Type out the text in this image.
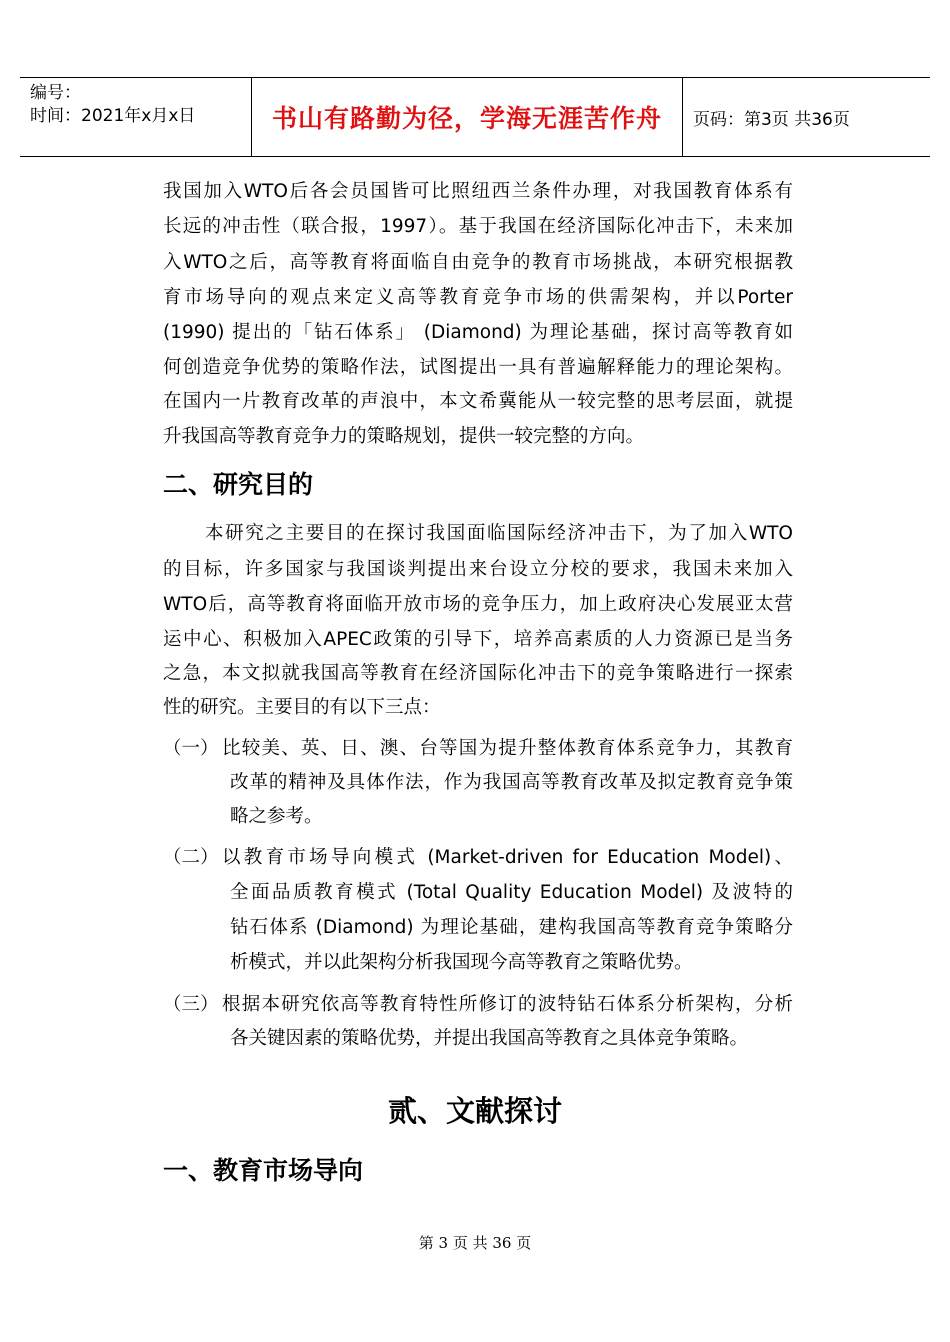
编号：
时间：2021年x月x日	书山有路勤为径，学海无涯苦作舟 页码：第3页 共36页
我国加入WTO后各会员国皆可比照纽西兰条件办理，对我国教育体系有
长远的冲击性（联合报，1997）。基于我国在经济国际化冲击下，未来加
入WTO之后，高等教育将面临自由竞争的教育市场挑战，本研究根据教
育市场导向的观点来定义高等教育竞争市场的供需架构，并以Porter
(1990) 提出的「钻石体系」 (Diamond) 为理论基础，探讨高等教育如
何创造竞争优势的策略作法，试图提出一具有普遍解释能力的理论架构。
在国内一片教育改革的声浪中，本文希冀能从一较完整的思考层面，就提
升我国高等教育竞争力的策略规划，提供一较完整的方向。
二、研究目的
本研究之主要目的在探讨我国面临国际经济冲击下，为了加入WTO
的目标，许多国家与我国谈判提出来台设立分校的要求，我国未来加入
WTO后，高等教育将面临开放市场的竞争压力，加上政府决心发展亚太营
运中心、积极加入APEC政策的引导下，培养高素质的人力资源已是当务
之急，本文拟就我国高等教育在经济国际化冲击下的竞争策略进行一探索
性的研究。主要目的有以下三点：
（一） 比较美、英、日、澳、台等国为提升整体教育体系竞争力，其教育
改革的精神及具体作法，作为我国高等教育改革及拟定教育竞争策
略之参考。
（二） 以教育市场导向模式 (Market-driven for Education Model)、
全面品质教育模式 (Total Quality Education Model) 及波特的
钻石体系 (Diamond) 为理论基础，建构我国高等教育竞争策略分
析模式，并以此架构分析我国现今高等教育之策略优势。
（三） 根据本研究依高等教育特性所修订的波特钻石体系分析架构，分析
各关键因素的策略优势，并提出我国高等教育之具体竞争策略。
贰、文献探讨
一、教育市场导向
第 3 页 共 36 页
